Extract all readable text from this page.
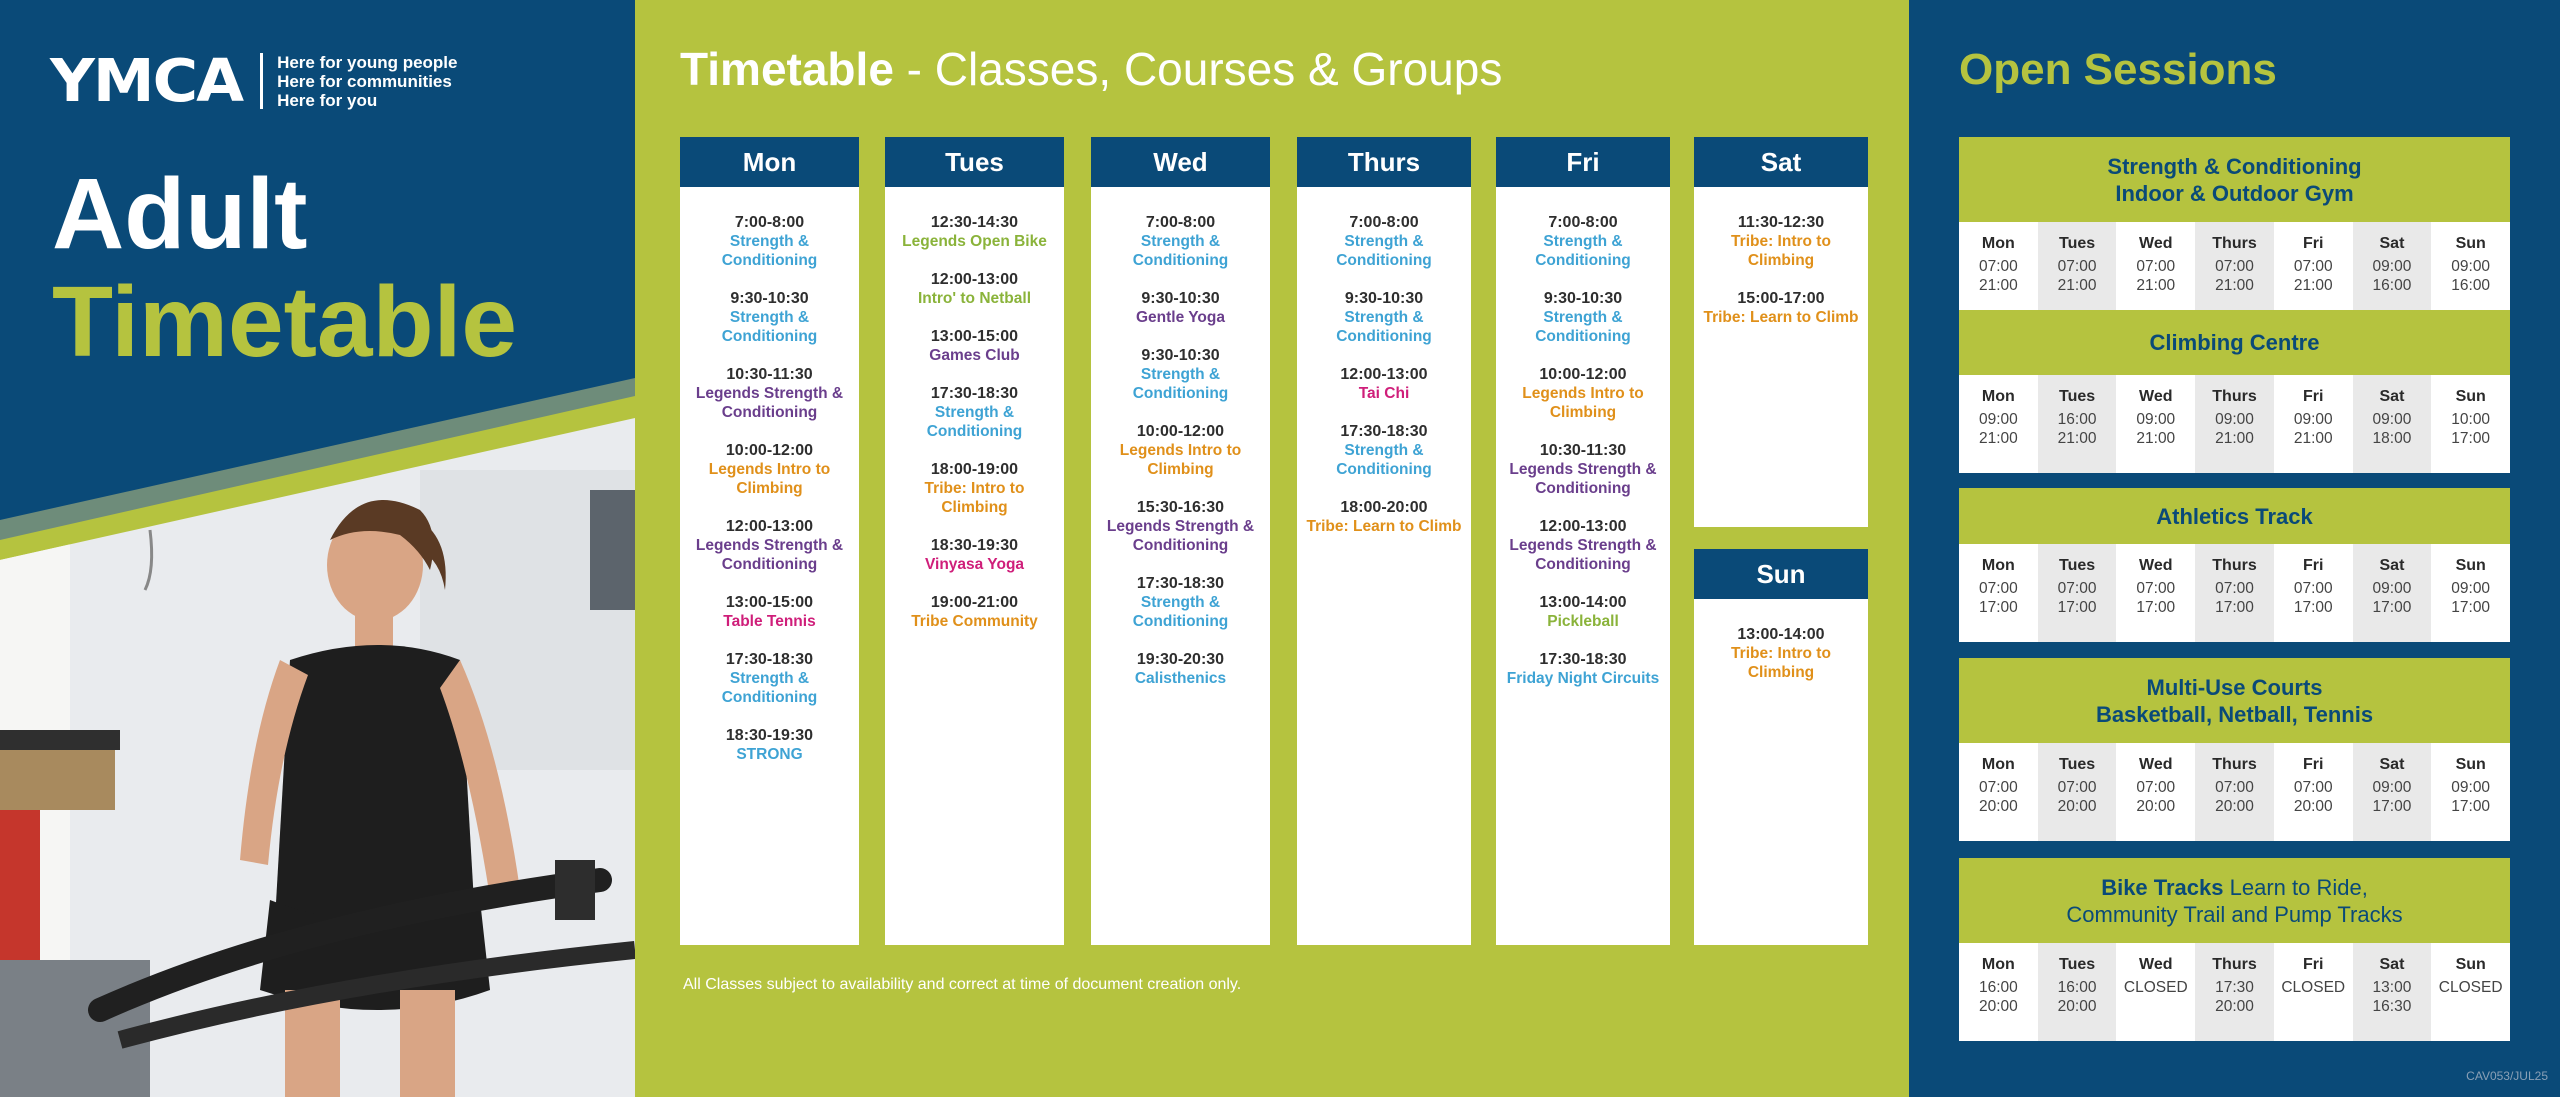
YMCA Here for young people
Here for communities
Here for you
Adult
Timetable
Timetable - Classes, Courses & Groups
Mon
7:00-8:00
Strength & Conditioning
9:30-10:30
Strength & Conditioning
10:30-11:30
Legends Strength & Conditioning
10:00-12:00
Legends Intro to Climbing
12:00-13:00
Legends Strength & Conditioning
13:00-15:00
Table Tennis
17:30-18:30
Strength & Conditioning
18:30-19:30
STRONG
Tues
12:30-14:30
Legends Open Bike
12:00-13:00
Intro' to Netball
13:00-15:00
Games Club
17:30-18:30
Strength & Conditioning
18:00-19:00
Tribe: Intro to Climbing
18:30-19:30
Vinyasa Yoga
19:00-21:00
Tribe Community
Wed
7:00-8:00
Strength & Conditioning
9:30-10:30
Gentle Yoga
9:30-10:30
Strength & Conditioning
10:00-12:00
Legends Intro to Climbing
15:30-16:30
Legends Strength & Conditioning
17:30-18:30
Strength & Conditioning
19:30-20:30
Calisthenics
Thurs
7:00-8:00
Strength & Conditioning
9:30-10:30
Strength & Conditioning
12:00-13:00
Tai Chi
17:30-18:30
Strength & Conditioning
18:00-20:00
Tribe: Learn to Climb
Fri
7:00-8:00
Strength & Conditioning
9:30-10:30
Strength & Conditioning
10:00-12:00
Legends Intro to Climbing
10:30-11:30
Legends Strength & Conditioning
12:00-13:00
Legends Strength & Conditioning
13:00-14:00
Pickleball
17:30-18:30
Friday Night Circuits
Sat
11:30-12:30
Tribe: Intro to Climbing
15:00-17:00
Tribe: Learn to Climb
Sun
13:00-14:00
Tribe: Intro to Climbing
All Classes subject to availability and correct at time of document creation only.
Open Sessions
Strength & Conditioning
Indoor & Outdoor Gym
Mon
07:00
21:00
Tues
07:00
21:00
Wed
07:00
21:00
Thurs
07:00
21:00
Fri
07:00
21:00
Sat
09:00
16:00
Sun
09:00
16:00
Climbing Centre
Mon
09:00
21:00
Tues
16:00
21:00
Wed
09:00
21:00
Thurs
09:00
21:00
Fri
09:00
21:00
Sat
09:00
18:00
Sun
10:00
17:00
Athletics Track
Mon
07:00
17:00
Tues
07:00
17:00
Wed
07:00
17:00
Thurs
07:00
17:00
Fri
07:00
17:00
Sat
09:00
17:00
Sun
09:00
17:00
Multi-Use Courts
Basketball, Netball, Tennis
Mon
07:00
20:00
Tues
07:00
20:00
Wed
07:00
20:00
Thurs
07:00
20:00
Fri
07:00
20:00
Sat
09:00
17:00
Sun
09:00
17:00
Bike Tracks Learn to Ride,
Community Trail and Pump Tracks
Mon
16:00
20:00
Tues
16:00
20:00
Wed
CLOSED
Thurs
17:30
20:00
Fri
CLOSED
Sat
13:00
16:30
Sun
CLOSED
CAV053/JUL25
